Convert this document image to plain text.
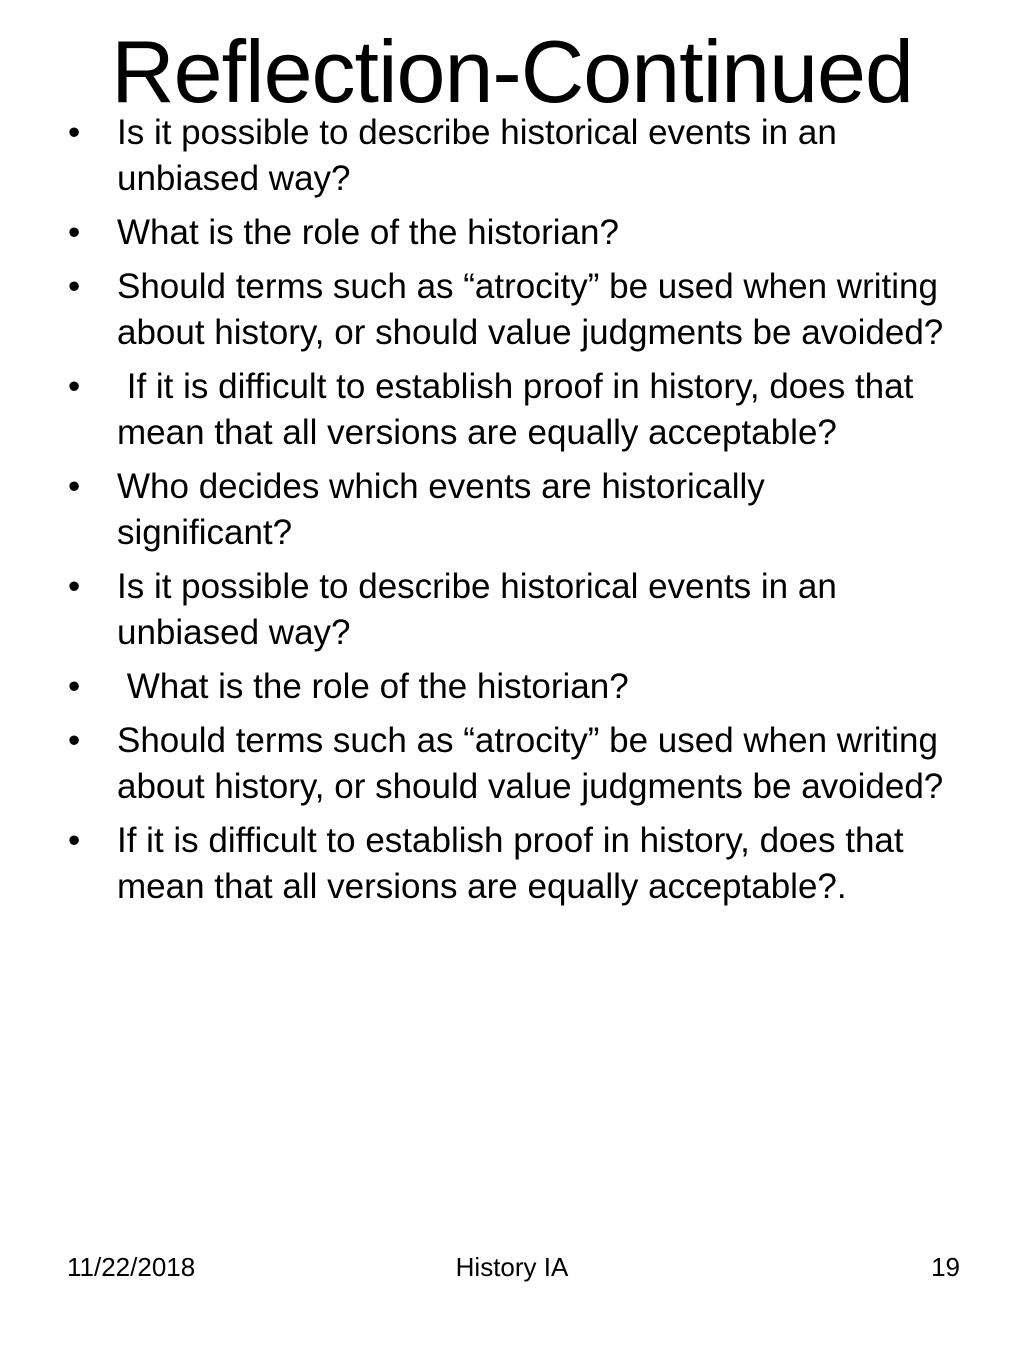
Reflection-Continued
•	Is it possible to describe historical events in an unbiased way?
•	What is the role of the historian?
•	Should terms such as “atrocity” be used when writing about history, or should value judgments be avoided?
•	If it is difficult to establish proof in history, does that mean that all versions are equally acceptable?
•	Who decides which events are historically significant?
•	Is it possible to describe historical events in an unbiased way?
•	What is the role of the historian?
•	Should terms such as “atrocity” be used when writing about history, or should value judgments be avoided?
•	If it is difficult to establish proof in history, does that mean that all versions are equally acceptable?.
11/22/2018	History IA	19
